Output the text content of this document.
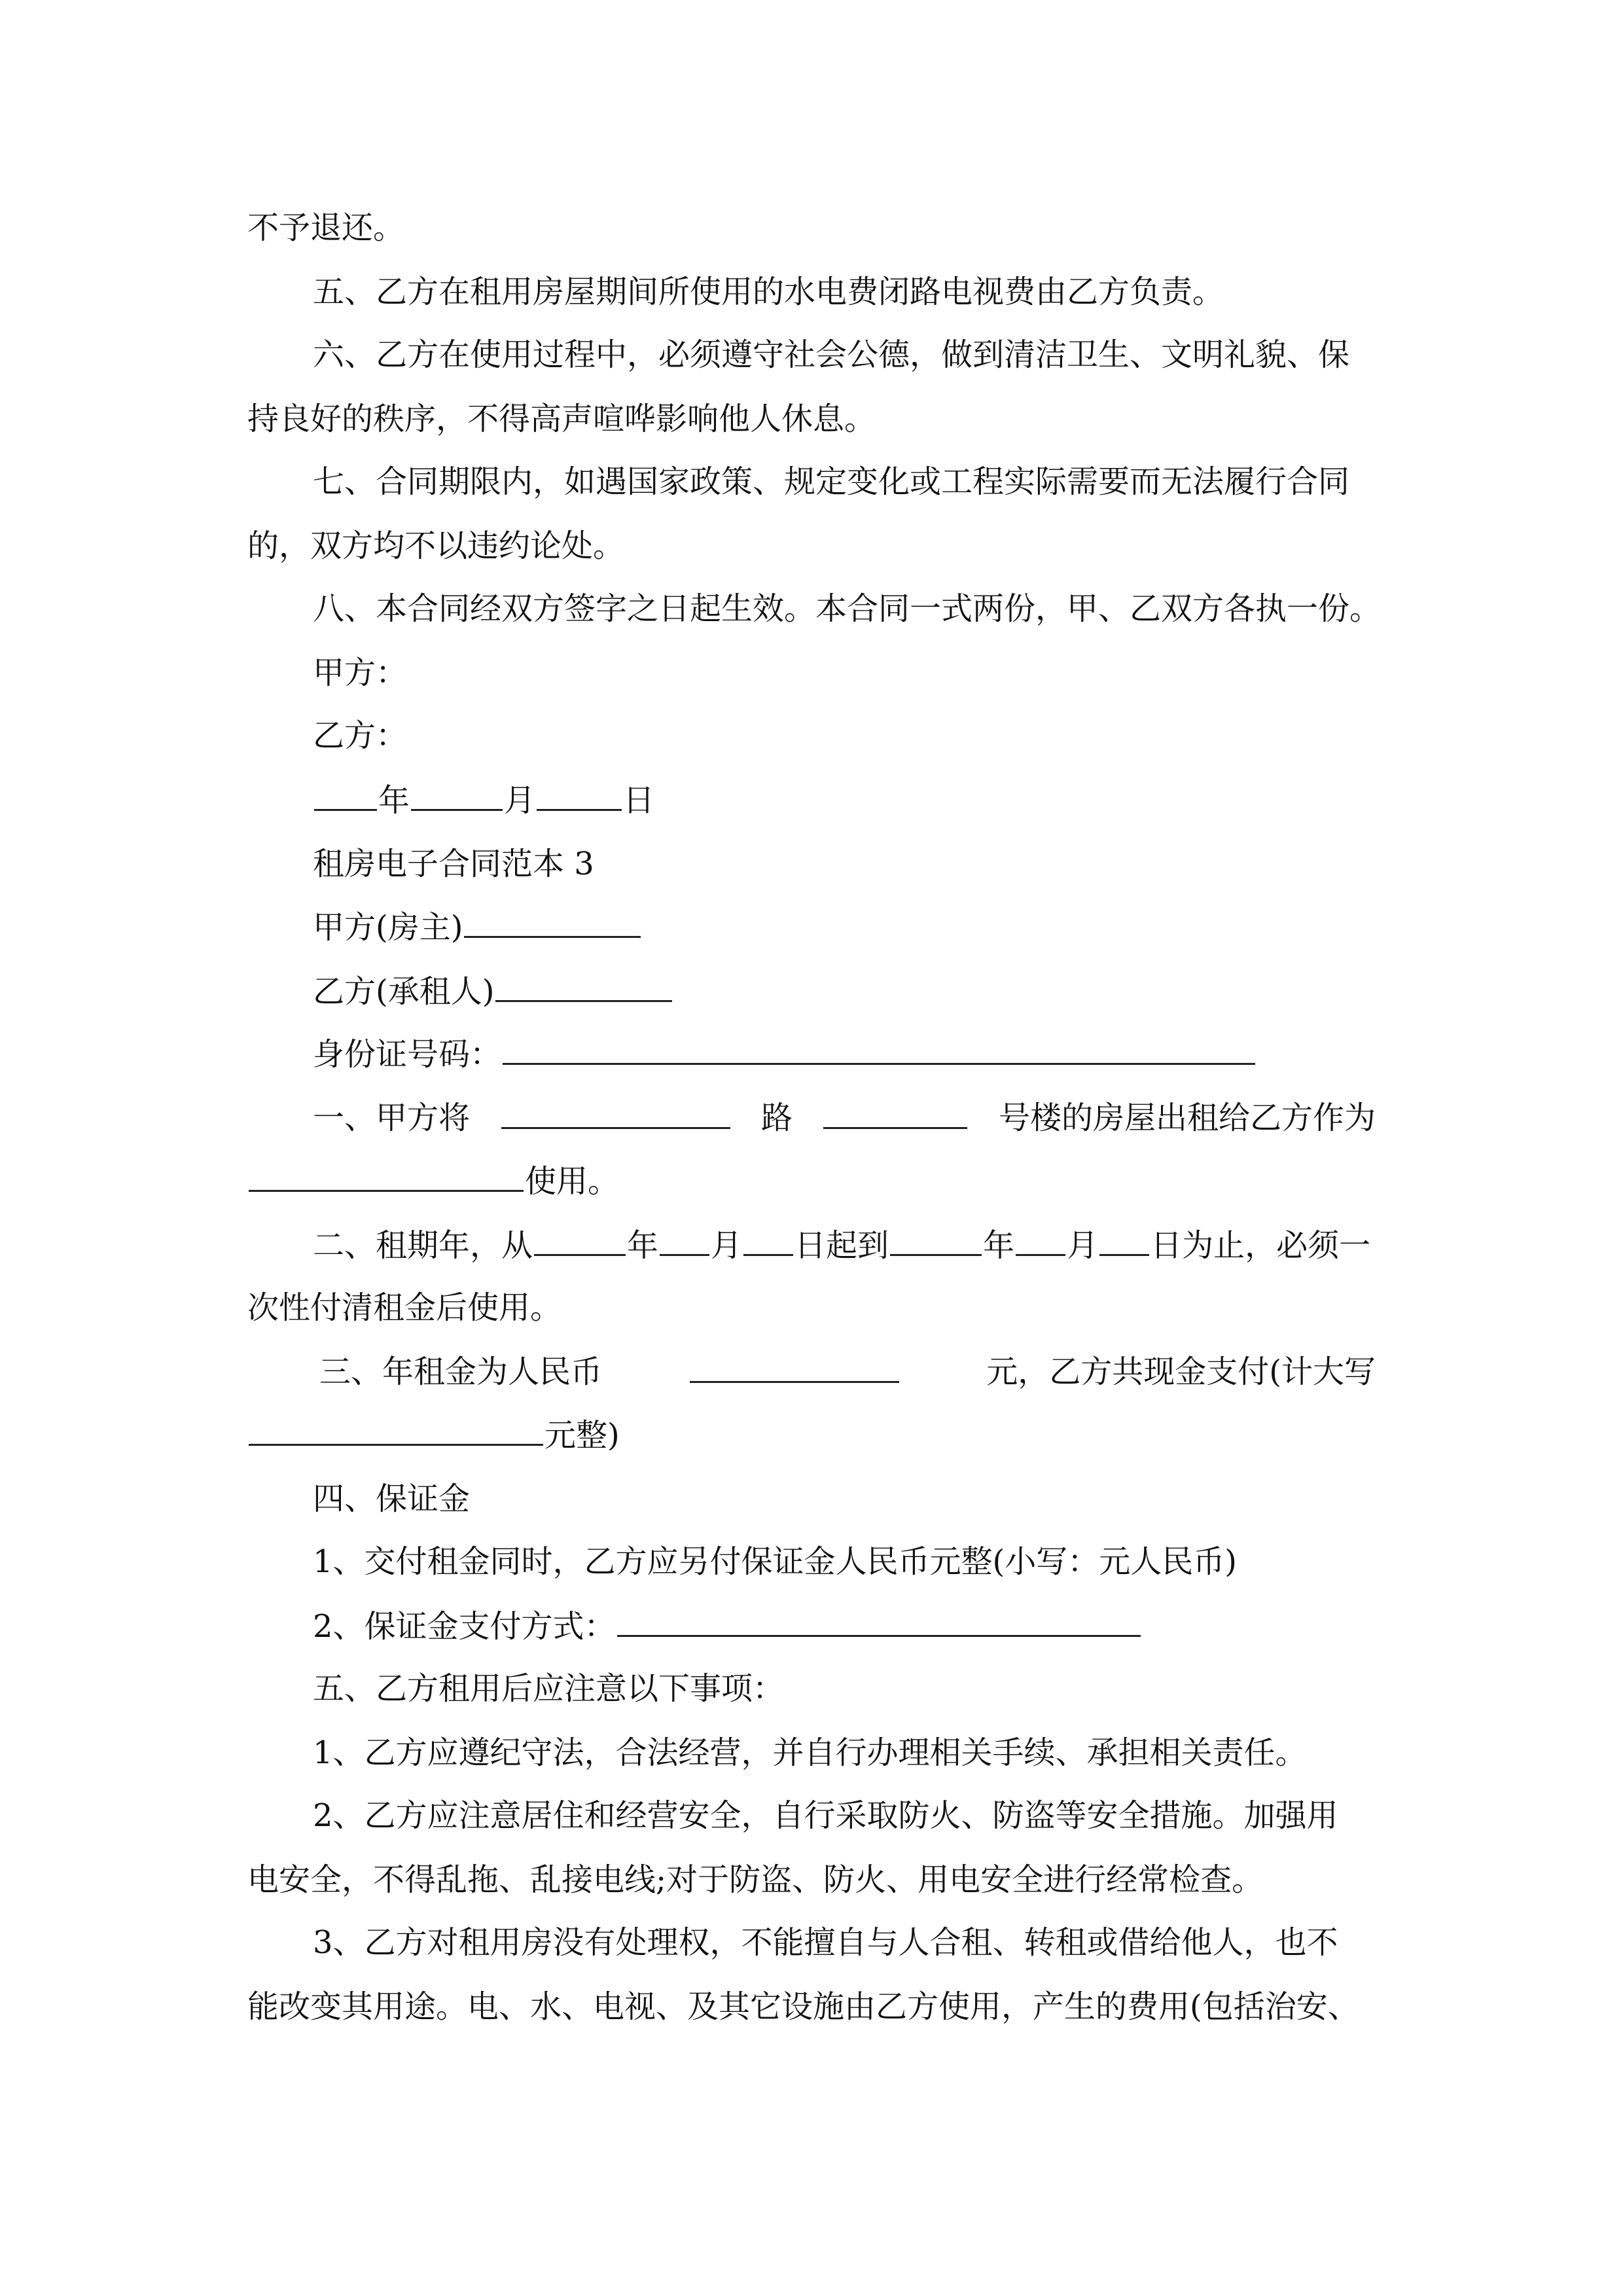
不予退还。
五、乙方在租用房屋期间所使用的水电费闭路电视费由乙方负责。
六、乙方在使用过程中，必须遵守社会公德，做到清洁卫生、文明礼貌、保
持良好的秩序，不得高声喧哗影响他人休息。
七、合同期限内，如遇国家政策、规定变化或工程实际需要而无法履行合同
的，双方均不以违约论处。
八、本合同经双方签字之日起生效。本合同一式两份，甲、乙双方各执一份。
甲方：
乙方：
年	月	日
租房电子合同范本 3
甲方(房主)
乙方(承租人)
身份证号码：
一、甲方将	路	号楼的房屋出租给乙方作为
使用。
二、租期年，从	年 月 日起到	年 月 日为止，必须一
次性付清租金后使用。
三、年租金为人民币	元，乙方共现金支付(计大写
元整)
四、保证金
1、交付租金同时，乙方应另付保证金人民币元整(小写：元人民币)
2、保证金支付方式：
五、乙方租用后应注意以下事项：
1、乙方应遵纪守法，合法经营，并自行办理相关手续、承担相关责任。
2、乙方应注意居住和经营安全，自行采取防火、防盗等安全措施。加强用
电安全，不得乱拖、乱接电线;对于防盗、防火、用电安全进行经常检查。
3、乙方对租用房没有处理权，不能擅自与人合租、转租或借给他人，也不
能改变其用途。电、水、电视、及其它设施由乙方使用，产生的费用(包括治安、
